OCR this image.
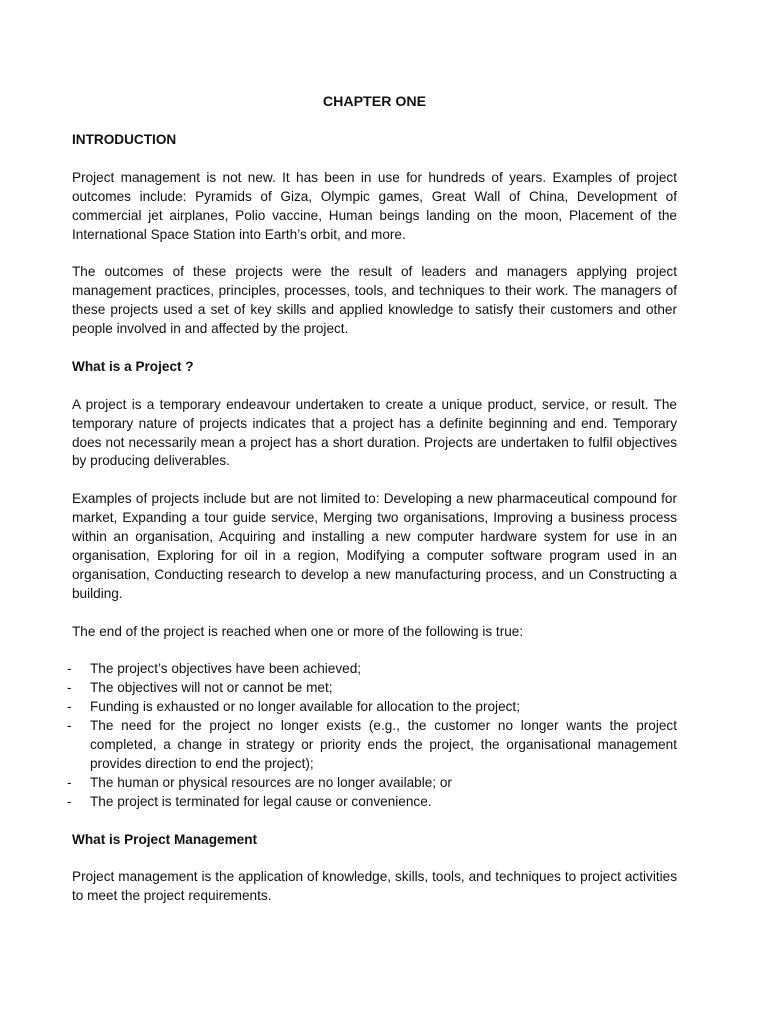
CHAPTER ONE
INTRODUCTION

Project management is not new. It has been in use for hundreds of years. Examples of project outcomes include: Pyramids of Giza, Olympic games, Great Wall of China, Development of commercial jet airplanes, Polio vaccine, Human beings landing on the moon, Placement of the International Space Station into Earth’s orbit, and more.

The outcomes of these projects were the result of leaders and managers applying project management practices, principles, processes, tools, and techniques to their work. The managers of these projects used a set of key skills and applied knowledge to satisfy their customers and other people involved in and affected by the project.

What is a Project ?

A project is a temporary endeavour undertaken to create a unique product, service, or result. The temporary nature of projects indicates that a project has a definite beginning and end. Temporary does not necessarily mean a project has a short duration. Projects are undertaken to fulfil objectives by producing deliverables.

Examples of projects include but are not limited to: Developing a new pharmaceutical compound for market, Expanding a tour guide service, Merging two organisations, Improving a business process within an organisation, Acquiring and installing a new computer hardware system for use in an organisation, Exploring for oil in a region, Modifying a computer software program used in an organisation, Conducting research to develop a new manufacturing process, and un Constructing a building.

The end of the project is reached when one or more of the following is true:

- The project’s objectives have been achieved;
- The objectives will not or cannot be met;
- Funding is exhausted or no longer available for allocation to the project;
- The need for the project no longer exists (e.g., the customer no longer wants the project completed, a change in strategy or priority ends the project, the organisational management provides direction to end the project);
- The human or physical resources are no longer available; or
- The project is terminated for legal cause or convenience.
What is Project Management

Project management is the application of knowledge, skills, tools, and techniques to project activities to meet the project requirements.
